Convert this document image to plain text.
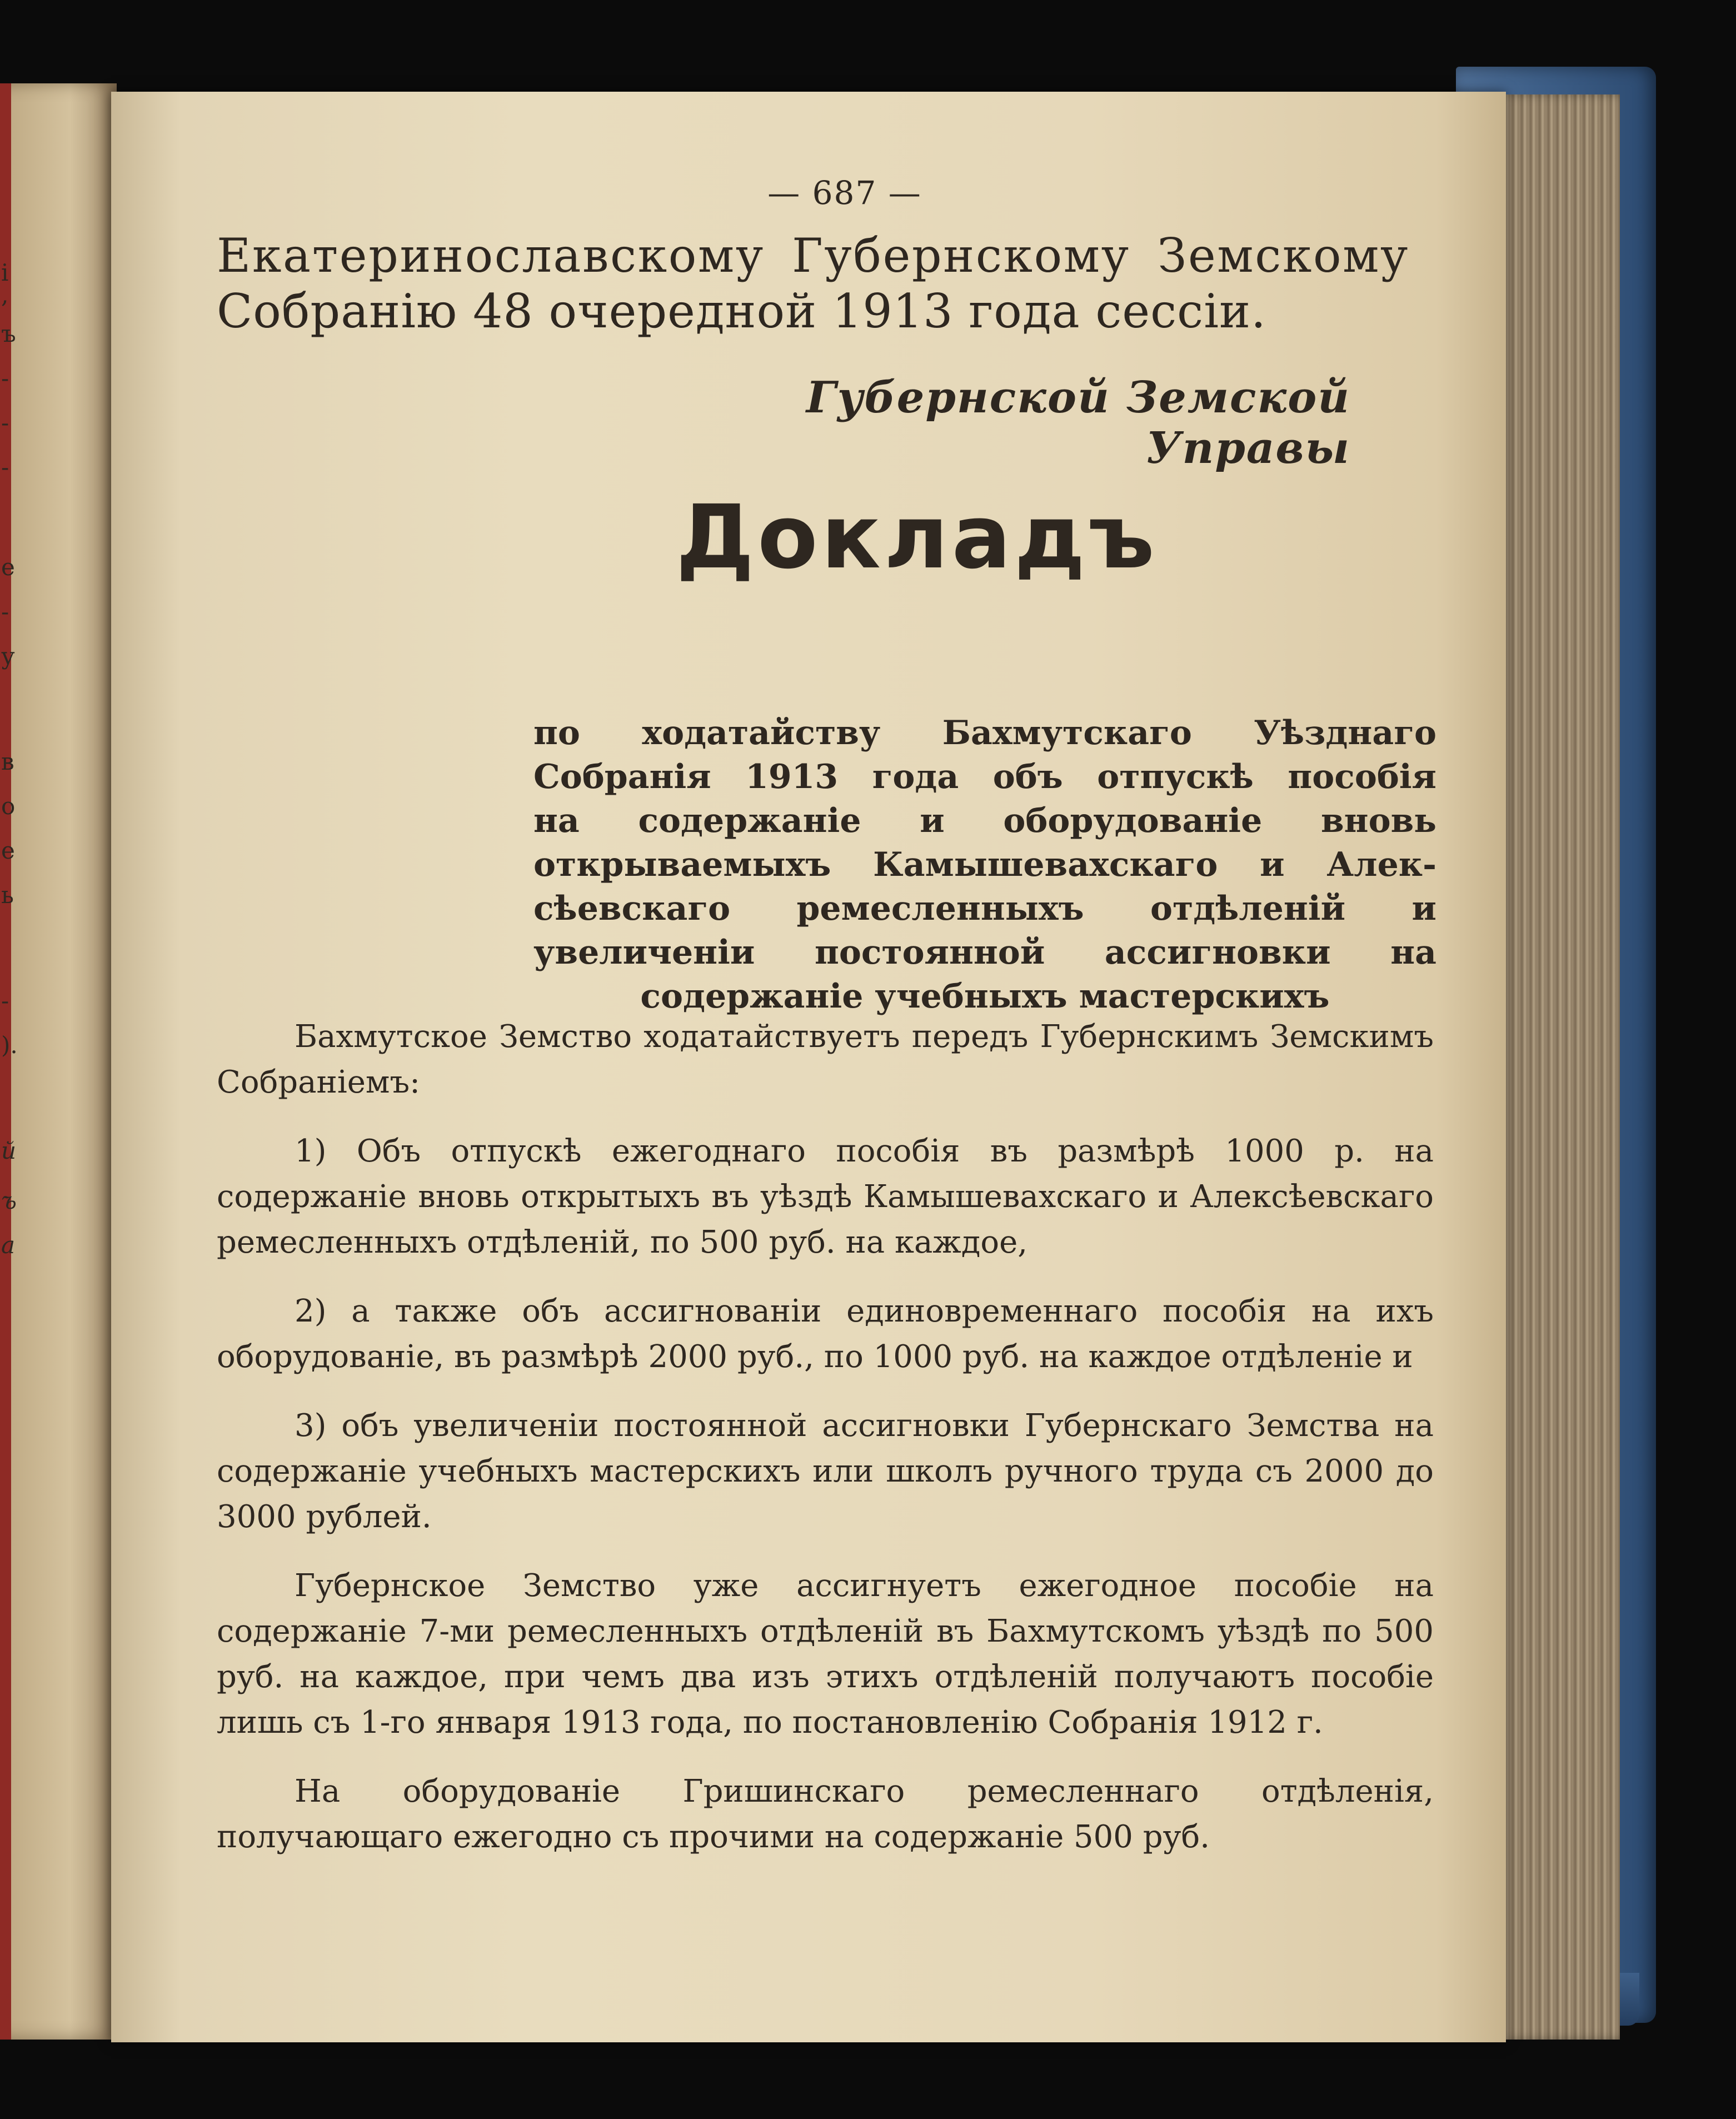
і
,
ъ
-
-
-
е
-
у
в
о
е
ь
-
).
й
ъ
а
— 687 —
Екатеринославскому Губернскому Земскому
Собранію 48 очередной 1913 года сессіи.
Губернской Земской Управы
Докладъ
по ходатайству Бахмутскаго Уѣзднаго
Собранія 1913 года объ отпускѣ пособія
на содержаніе и оборудованіе вновь
открываемыхъ Камышевахскаго и Алек-
сѣевскаго ремесленныхъ отдѣленій и
увеличеніи постоянной ассигновки на
содержаніе учебныхъ мастерскихъ

Бахмутское Земство ходатайствуетъ передъ Губернскимъ Земскимъ Собраніемъ:

1) Объ отпускѣ ежегоднаго пособія въ размѣрѣ 1000 р. на содержаніе вновь открытыхъ въ уѣздѣ Камышевахскаго и Алексѣевскаго ремесленныхъ отдѣленій, по 500 руб. на каждое,

2) а также объ ассигнованіи единовременнаго пособія на ихъ оборудованіе, въ размѣрѣ 2000 руб., по 1000 руб. на каждое отдѣленіе и

3) объ увеличеніи постоянной ассигновки Губернскаго Земства на содержаніе учебныхъ мастерскихъ или школъ ручного труда съ 2000 до 3000 рублей.

Губернское Земство уже ассигнуетъ ежегодное пособіе на содержаніе 7-ми ремесленныхъ отдѣленій въ Бахмутскомъ уѣздѣ по 500 руб. на каждое, при чемъ два изъ этихъ отдѣленій получаютъ пособіе лишь съ 1-го января 1913 года, по постановленію Собранія 1912 г.

На оборудованіе Гришинскаго ремесленнаго отдѣленія, получающаго ежегодно съ прочими на содержаніе 500 руб.
